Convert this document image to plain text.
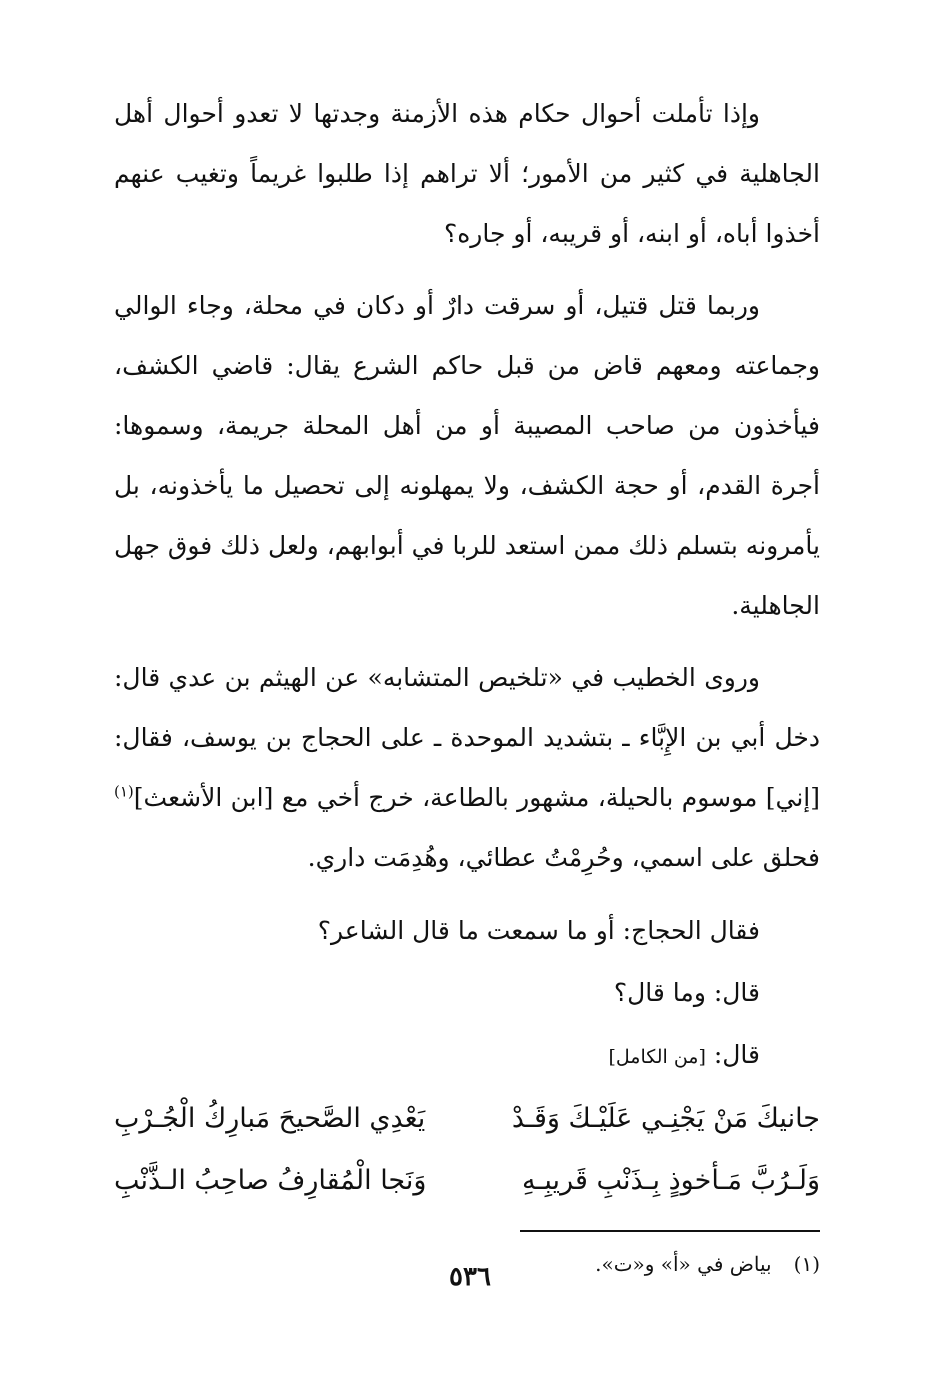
وإذا تأملت أحوال حكام هذه الأزمنة وجدتها لا تعدو أحوال أهل الجاهلية في كثير من الأمور؛ ألا تراهم إذا طلبوا غريماً وتغيب عنهم أخذوا أباه، أو ابنه، أو قريبه، أو جاره؟

وربما قتل قتيل، أو سرقت دارٌ أو دكان في محلة، وجاء الوالي وجماعته ومعهم قاض من قبل حاكم الشرع يقال: قاضي الكشف، فيأخذون من صاحب المصيبة أو من أهل المحلة جريمة، وسموها: أجرة القدم، أو حجة الكشف، ولا يمهلونه إلى تحصيل ما يأخذونه، بل يأمرونه بتسلم ذلك ممن استعد للربا في أبوابهم، ولعل ذلك فوق جهل الجاهلية.

وروى الخطيب في «تلخيص المتشابه» عن الهيثم بن عدي قال: دخل أبي بن الإِبَّاء ـ بتشديد الموحدة ـ على الحجاج بن يوسف، فقال: [إني] موسوم بالحيلة، مشهور بالطاعة، خرج أخي مع [ابن الأشعث]$^{(١)}$ فحلق على اسمي، وحُرِمْتُ عطائي، وهُدِمَت داري.

فقال الحجاج: أو ما سمعت ما قال الشاعر؟

قال: وما قال؟

قال: [من الكامل]

جانيكَ مَنْ يَجْنِـي عَلَيْـكَ وَقَـدْ
يَعْدِي الصَّحيحَ مَبارِكُ الْجُـرْبِ
وَلَـرُبَّ مَـأخوذٍ بِـذَنْبِ قَريبِـهِ
وَنَجا الْمُقارِفُ صاحِبُ الـذَّنْبِ

(١)بياض في «أ» و«ت».

٥٣٦
